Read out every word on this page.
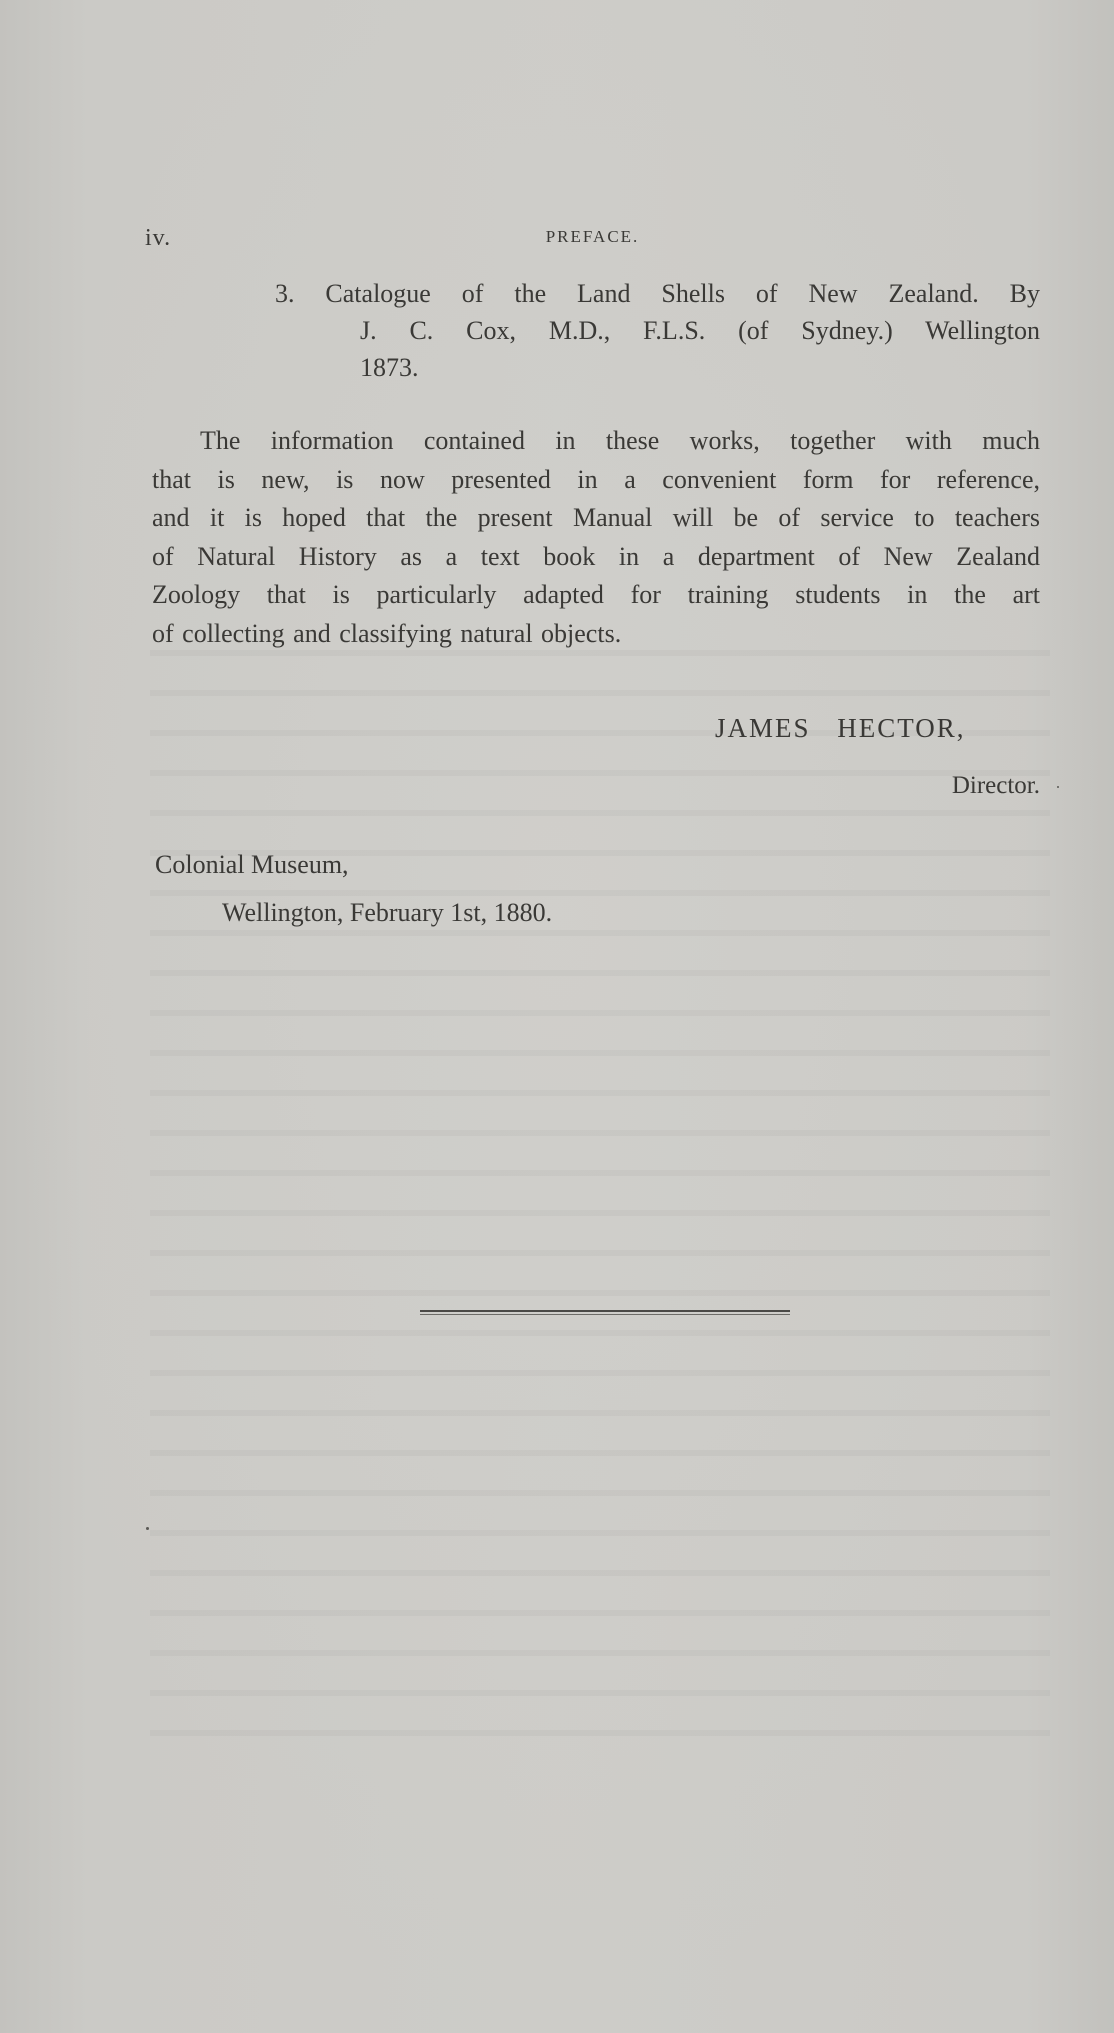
iv.	PREFACE.
3. Catalogue of the Land Shells of New Zealand. By
J. C. Cox, M.D., F.L.S. (of Sydney.) Wellington
1873.
The information contained in these works, together with much
that is new, is now presented in a convenient form for reference,
and it is hoped that the present Manual will be of service to teachers
of Natural History as a text book in a department of New Zealand
Zoology that is particularly adapted for training students in the art
of collecting and classifying natural objects.
JAMES HECTOR,
Director.
Colonial Museum,
Wellington, February 1st, 1880.
